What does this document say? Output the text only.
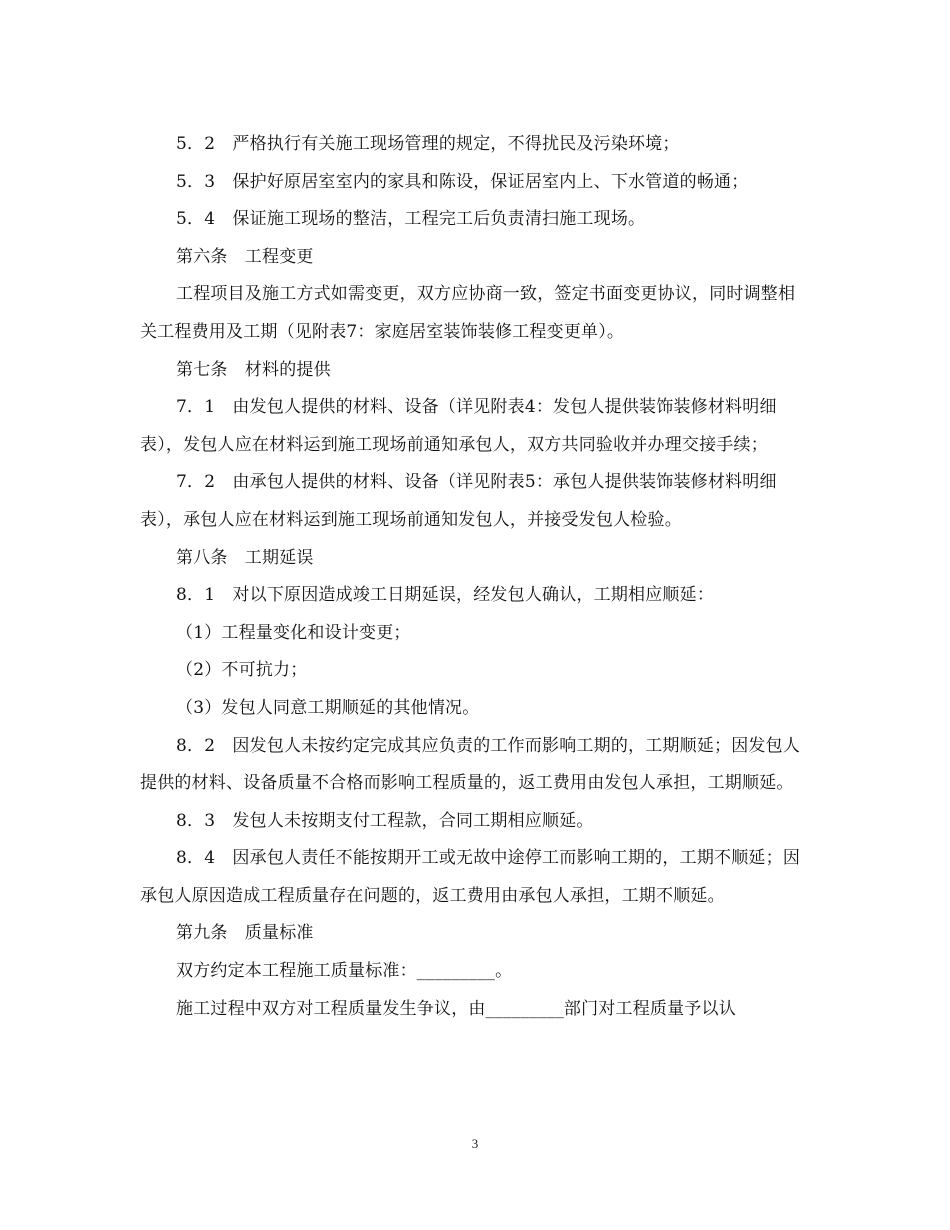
5．2　严格执行有关施工现场管理的规定，不得扰民及污染环境；

5．3　保护好原居室室内的家具和陈设，保证居室内上、下水管道的畅通；

5．4　保证施工现场的整洁，工程完工后负责清扫施工现场。

第六条　工程变更

工程项目及施工方式如需变更，双方应协商一致，签定书面变更协议，同时调整相关工程费用及工期（见附表7：家庭居室装饰装修工程变更单）。

第七条　材料的提供

7．1　由发包人提供的材料、设备（详见附表4：发包人提供装饰装修材料明细表），发包人应在材料运到施工现场前通知承包人，双方共同验收并办理交接手续；

7．2　由承包人提供的材料、设备（详见附表5：承包人提供装饰装修材料明细表），承包人应在材料运到施工现场前通知发包人，并接受发包人检验。

第八条　工期延误

8．1　对以下原因造成竣工日期延误，经发包人确认，工期相应顺延：

（1）工程量变化和设计变更；

（2）不可抗力；

（3）发包人同意工期顺延的其他情况。

8．2　因发包人未按约定完成其应负责的工作而影响工期的，工期顺延；因发包人提供的材料、设备质量不合格而影响工程质量的，返工费用由发包人承担，工期顺延。

8．3　发包人未按期支付工程款，合同工期相应顺延。

8．4　因承包人责任不能按期开工或无故中途停工而影响工期的，工期不顺延；因承包人原因造成工程质量存在问题的，返工费用由承包人承担，工期不顺延。

第九条　质量标准

双方约定本工程施工质量标准：_________。

施工过程中双方对工程质量发生争议，由_________部门对工程质量予以认

3
